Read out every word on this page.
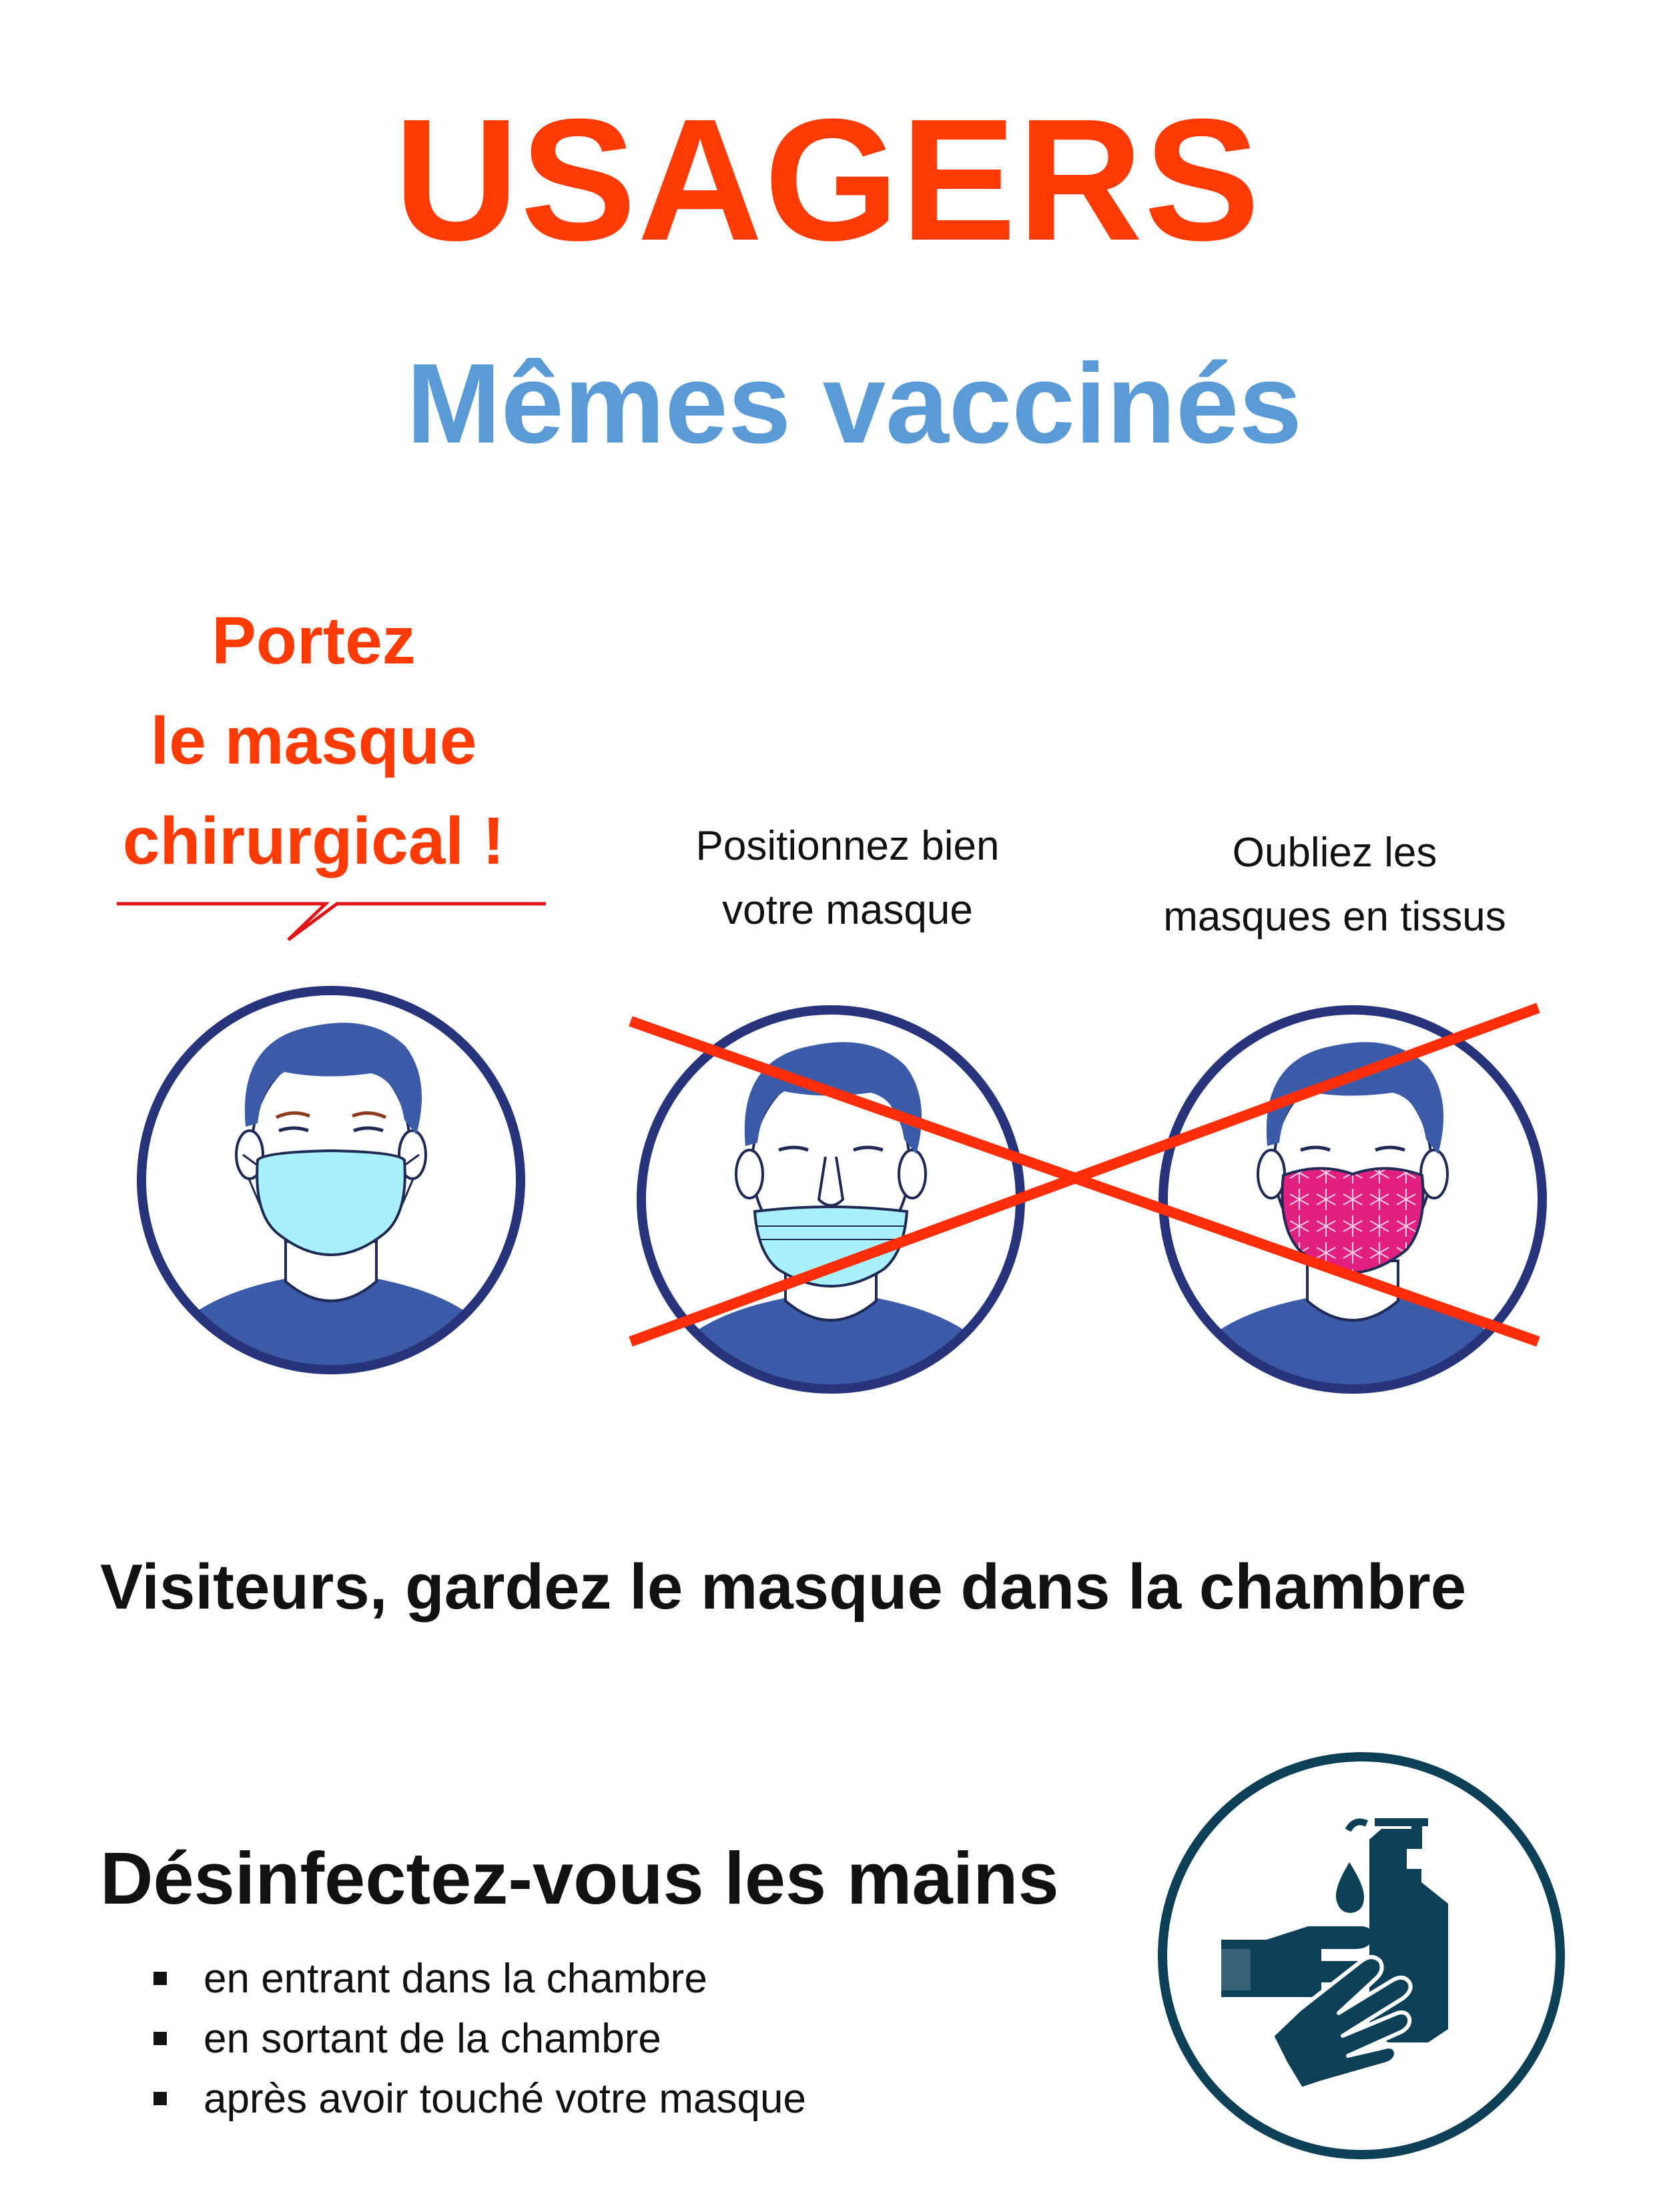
USAGERS
Mêmes vaccinés
Portez
le masque
chirurgical !	Positionnez bien
votre masque
Oubliez les
masques en tissus
Visiteurs, gardez le masque dans la chambre
Désinfectez-vous les mains
en entrant dans la chambre
en sortant de la chambre
après avoir touché votre masque
